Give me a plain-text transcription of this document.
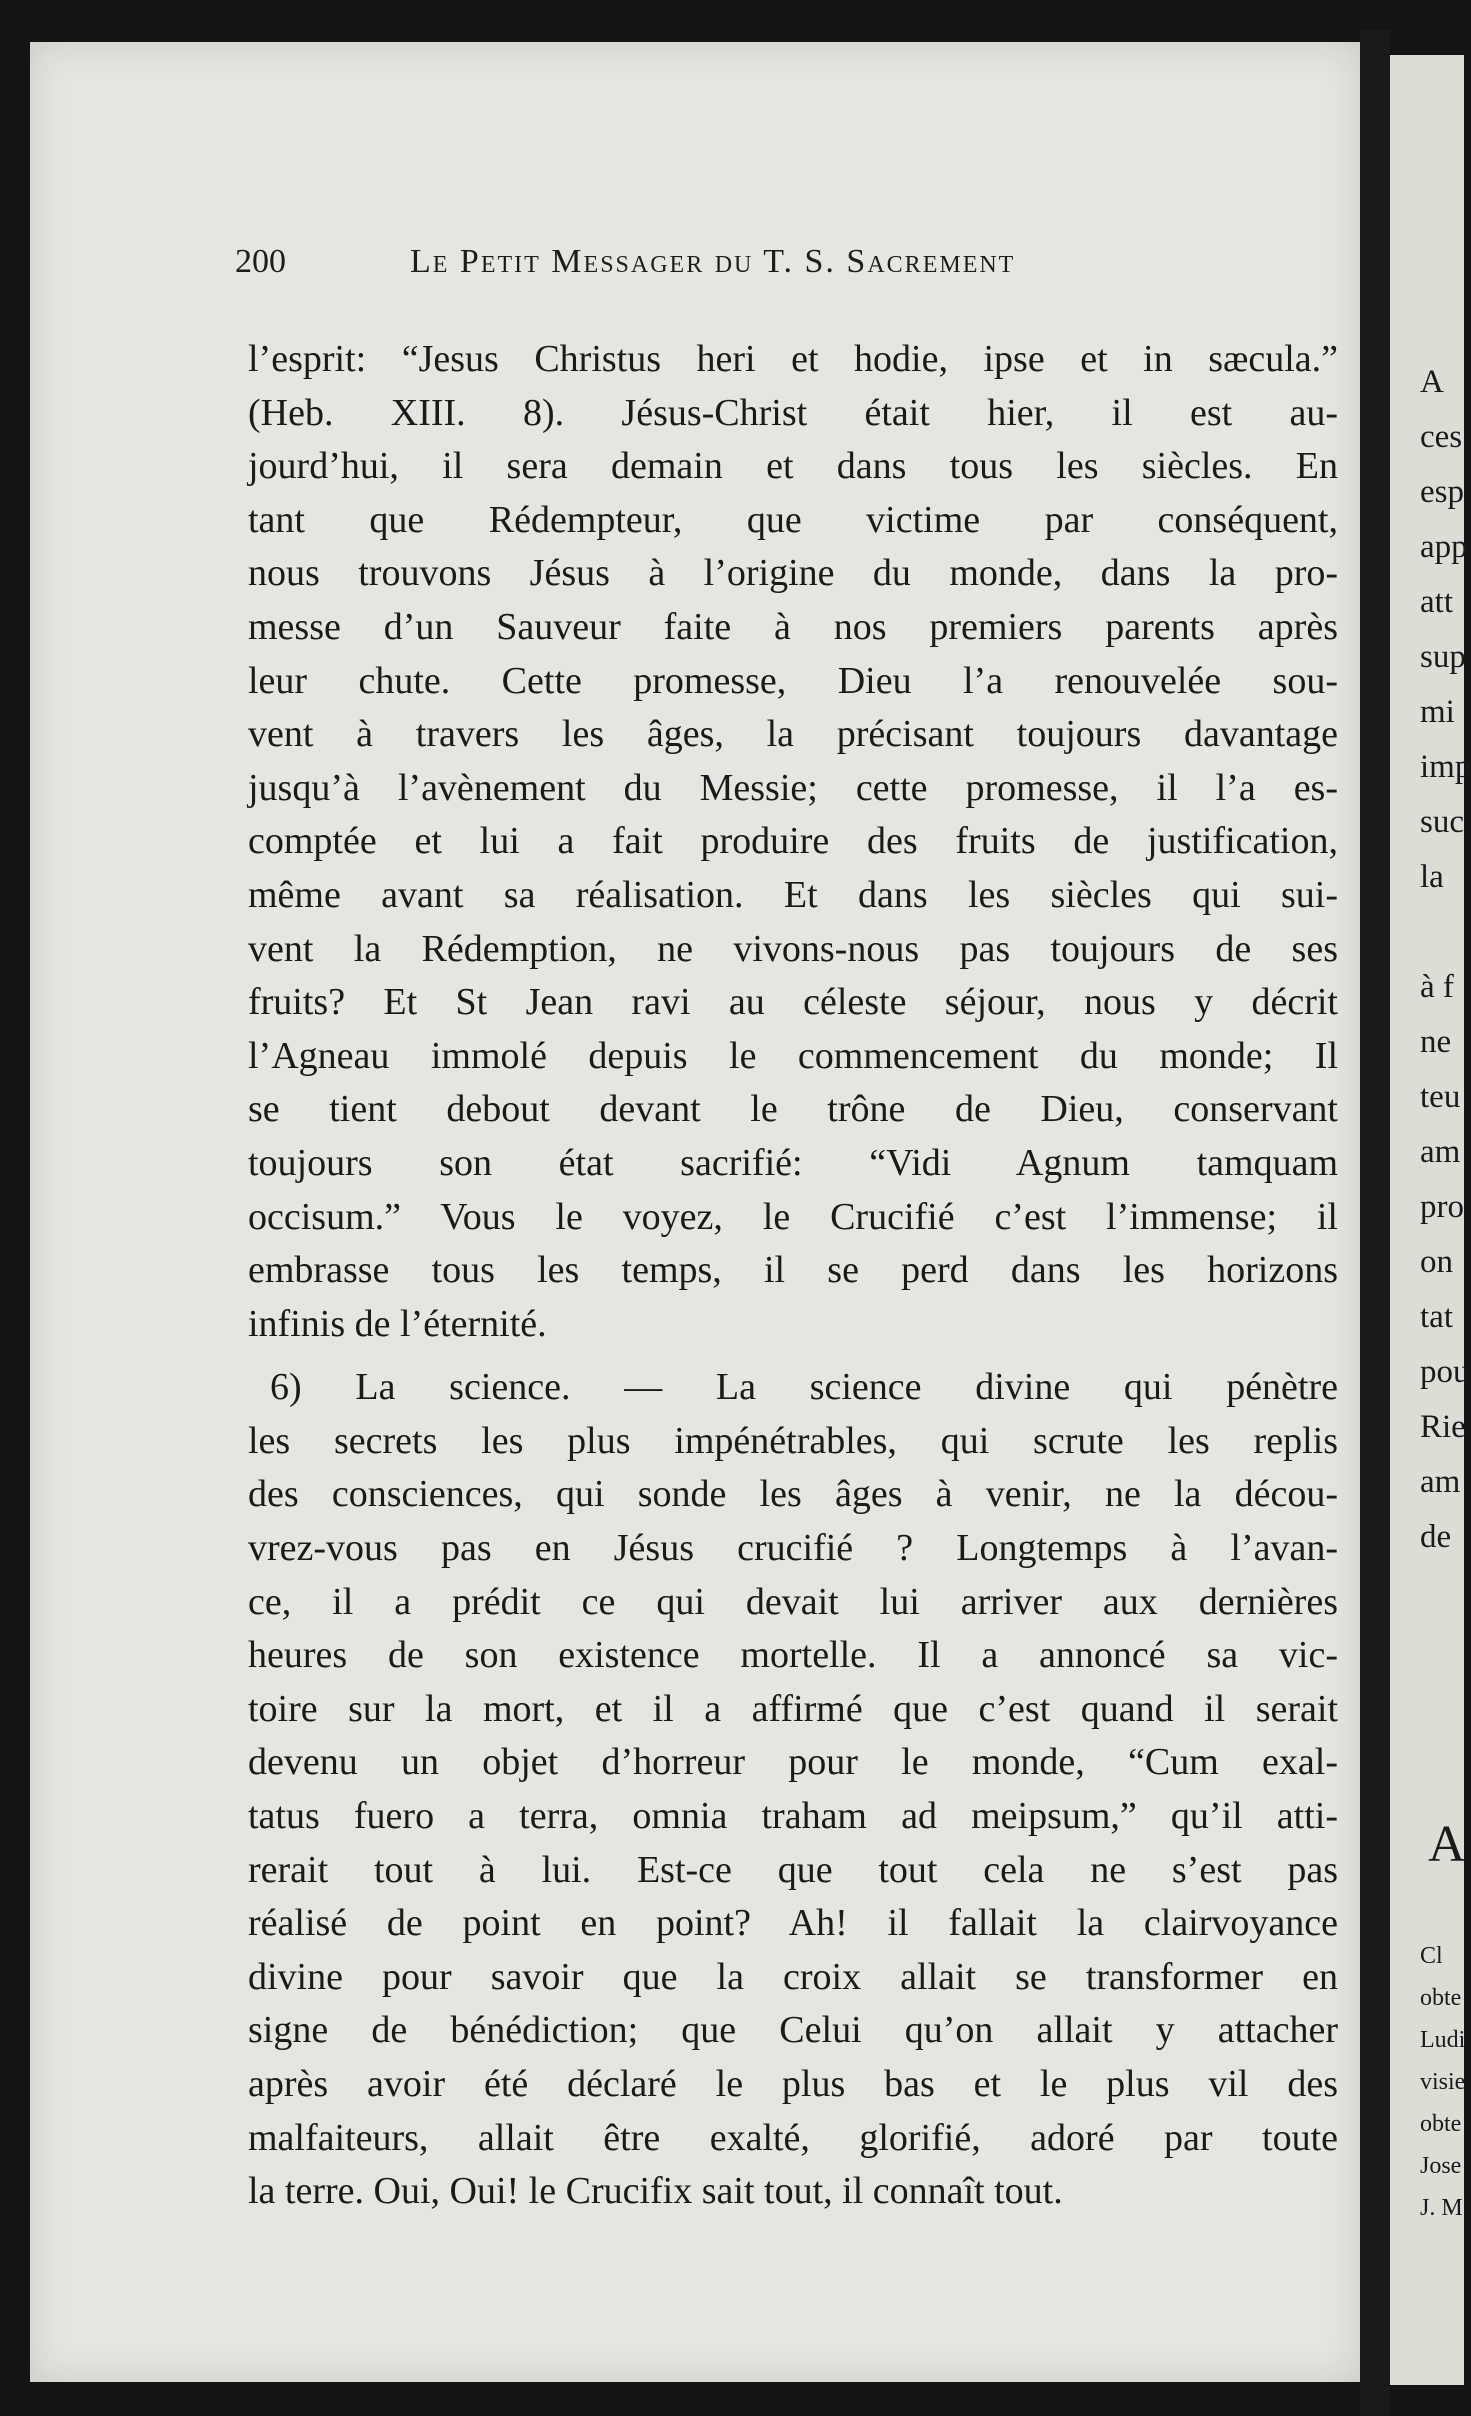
A
ces
esp
app
att
sup
mi
imp
suc
la
à f
ne
teu
am
pro
on
tat
pou
Rie
am
de
A
Cl
obte
Ludi
visie
obte
Jose
J. M
200	Le Petit Messager du T. S. Sacrement
l’esprit: “Jesus Christus heri et hodie, ipse et in sæcula.”
(Heb. XIII. 8). Jésus-Christ était hier, il est au-
jourd’hui, il sera demain et dans tous les siècles. En
tant que Rédempteur, que victime par conséquent,
nous trouvons Jésus à l’origine du monde, dans la pro-
messe d’un Sauveur faite à nos premiers parents après
leur chute. Cette promesse, Dieu l’a renouvelée sou-
vent à travers les âges, la précisant toujours davantage
jusqu’à l’avènement du Messie; cette promesse, il l’a es-
comptée et lui a fait produire des fruits de justification,
même avant sa réalisation. Et dans les siècles qui sui-
vent la Rédemption, ne vivons-nous pas toujours de ses
fruits? Et St Jean ravi au céleste séjour, nous y décrit
l’Agneau immolé depuis le commencement du monde; Il
se tient debout devant le trône de Dieu, conservant
toujours son état sacrifié: “Vidi Agnum tamquam
occisum.” Vous le voyez, le Crucifié c’est l’immense; il
embrasse tous les temps, il se perd dans les horizons
infinis de l’éternité.
6) La science. — La science divine qui pénètre
les secrets les plus impénétrables, qui scrute les replis
des consciences, qui sonde les âges à venir, ne la décou-
vrez-vous pas en Jésus crucifié ? Longtemps à l’avan-
ce, il a prédit ce qui devait lui arriver aux dernières
heures de son existence mortelle. Il a annoncé sa vic-
toire sur la mort, et il a affirmé que c’est quand il serait
devenu un objet d’horreur pour le monde, “Cum exal-
tatus fuero a terra, omnia traham ad meipsum,” qu’il atti-
rerait tout à lui. Est-ce que tout cela ne s’est pas
réalisé de point en point? Ah! il fallait la clairvoyance
divine pour savoir que la croix allait se transformer en
signe de bénédiction; que Celui qu’on allait y attacher
après avoir été déclaré le plus bas et le plus vil des
malfaiteurs, allait être exalté, glorifié, adoré par toute
la terre. Oui, Oui! le Crucifix sait tout, il connaît tout.
